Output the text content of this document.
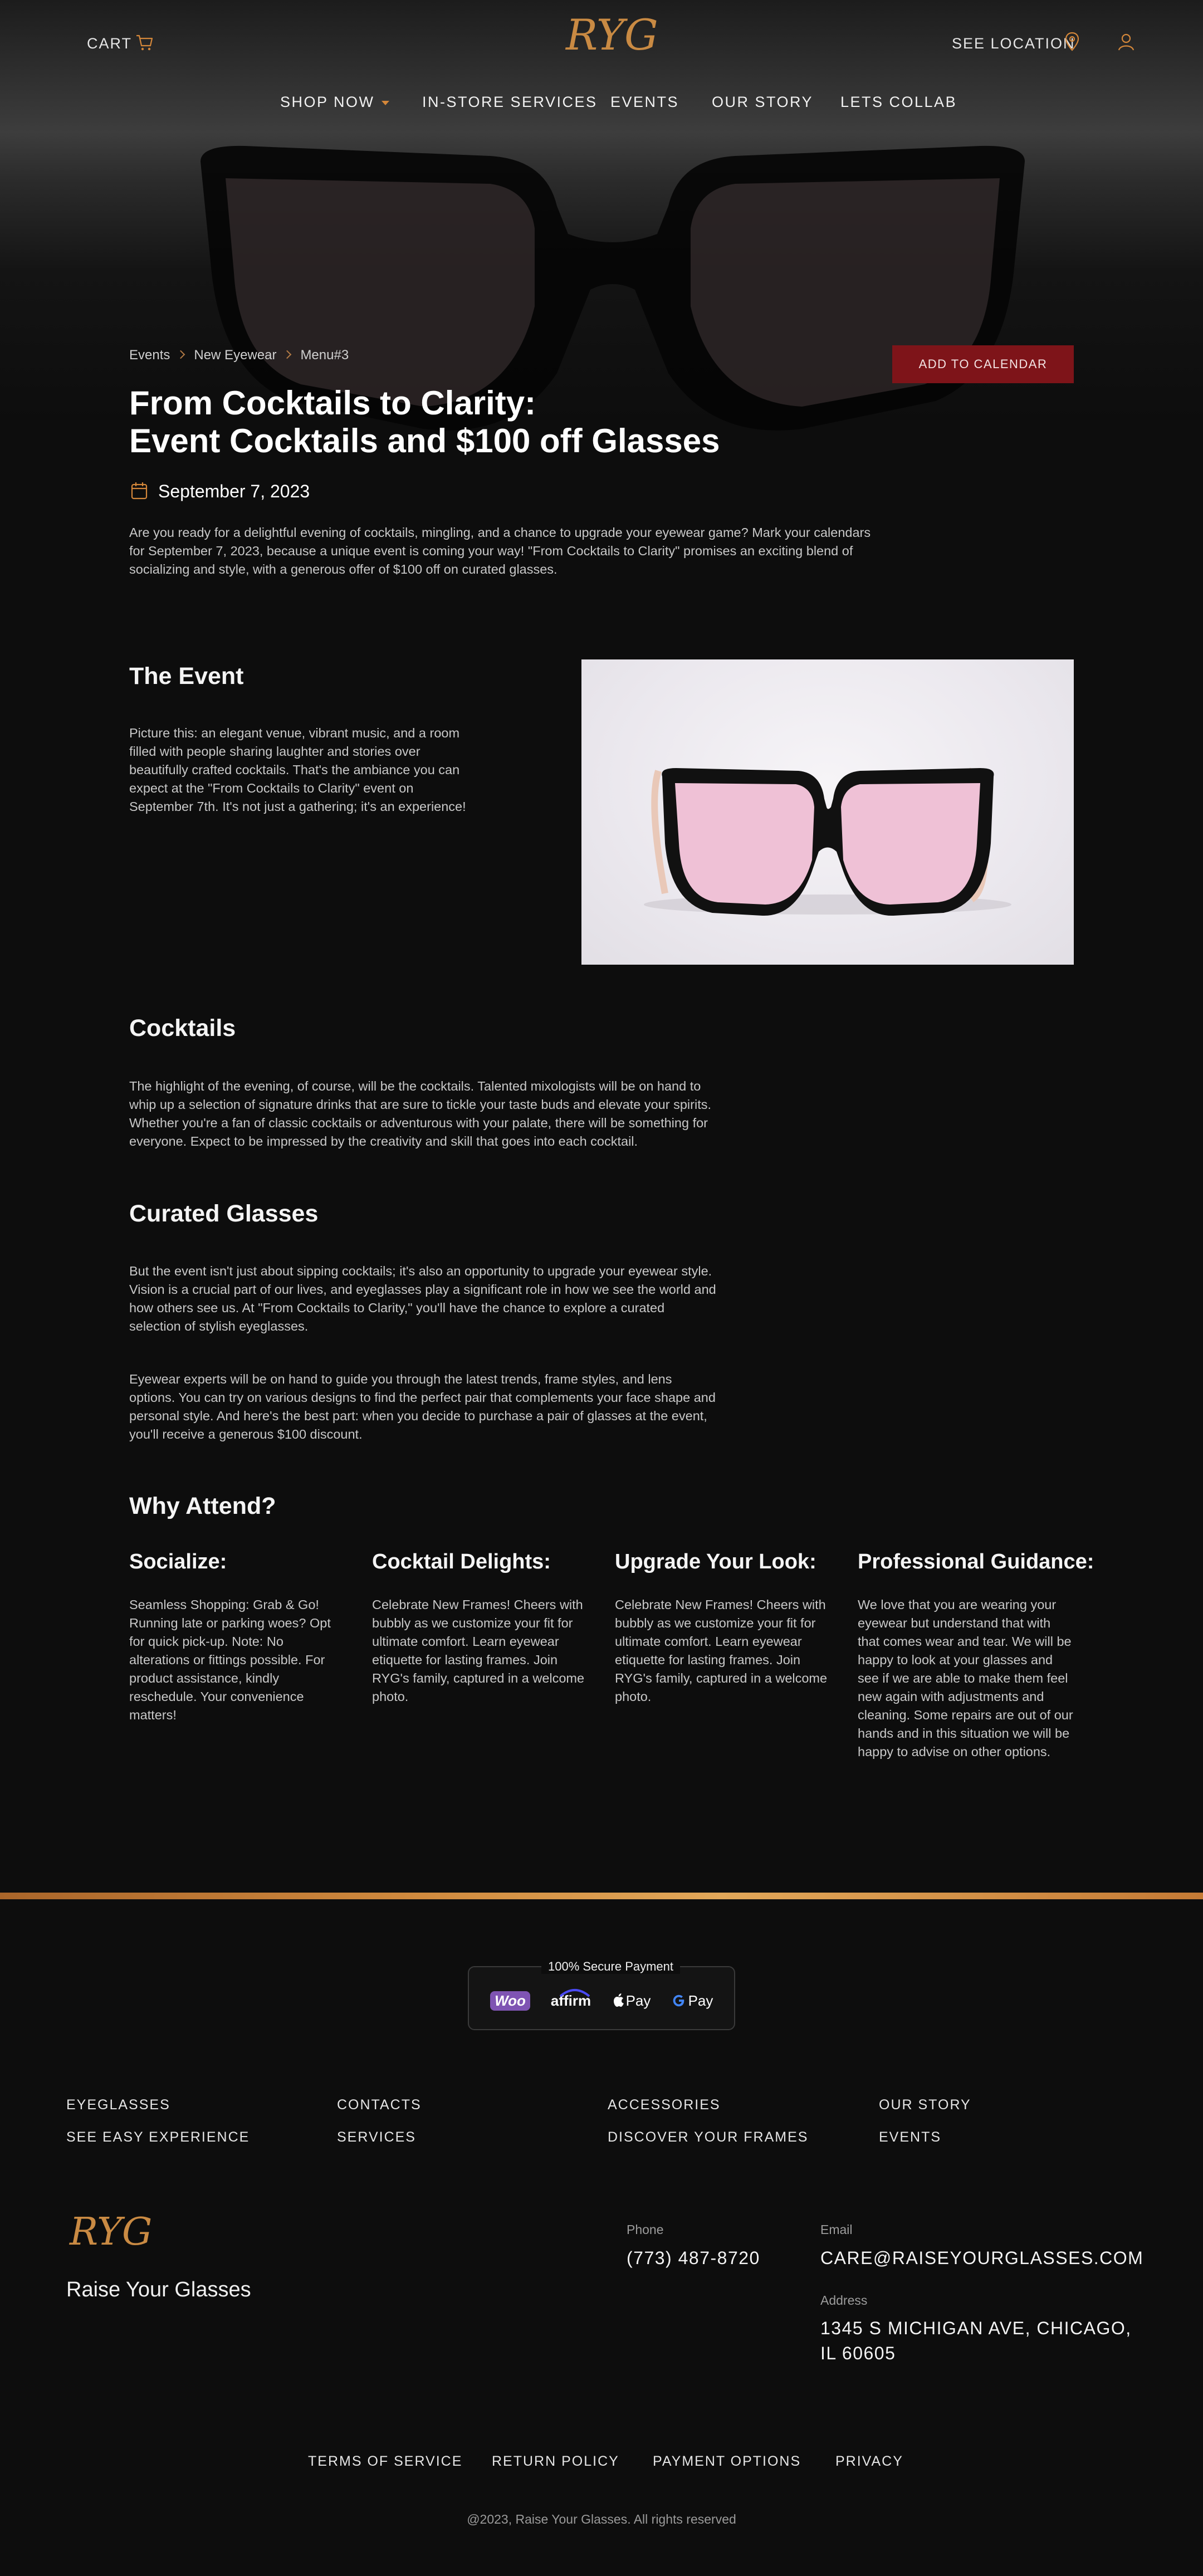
CART	RYG	SEE LOCATION
SHOP NOW	IN-STORE SERVICES EVENTS OUR STORY LETS COLLAB
Events New Eyewear Menu#3
ADD TO CALENDAR
From Cocktails to Clarity:
Event Cocktails and $100 off Glasses
September 7, 2023

Are you ready for a delightful evening of cocktails, mingling, and a chance to upgrade your eyewear game? Mark your calendars for September 7, 2023, because a unique event is coming your way! "From Cocktails to Clarity" promises an exciting blend of socializing and style, with a generous offer of $100 off on curated glasses.

The Event

Picture this: an elegant venue, vibrant music, and a room filled with people sharing laughter and stories over beautifully crafted cocktails. That's the ambiance you can expect at the "From Cocktails to Clarity" event on September 7th. It's not just a gathering; it's an experience!

Cocktails

The highlight of the evening, of course, will be the cocktails. Talented mixologists will be on hand to whip up a selection of signature drinks that are sure to tickle your taste buds and elevate your spirits. Whether you're a fan of classic cocktails or adventurous with your palate, there will be something for everyone. Expect to be impressed by the creativity and skill that goes into each cocktail.

Curated Glasses

But the event isn't just about sipping cocktails; it's also an opportunity to upgrade your eyewear style. Vision is a crucial part of our lives, and eyeglasses play a significant role in how we see the world and how others see us. At "From Cocktails to Clarity," you'll have the chance to explore a curated selection of stylish eyeglasses.

Eyewear experts will be on hand to guide you through the latest trends, frame styles, and lens options. You can try on various designs to find the perfect pair that complements your face shape and personal style. And here's the best part: when you decide to purchase a pair of glasses at the event, you'll receive a generous $100 discount.

Why Attend?
Socialize:

Seamless Shopping: Grab & Go! Running late or parking woes? Opt for quick pick-up. Note: No alterations or fittings possible. For product assistance, kindly reschedule. Your convenience matters!

Cocktail Delights:

Celebrate New Frames! Cheers with bubbly as we customize your fit for ultimate comfort. Learn eyewear etiquette for lasting frames. Join RYG's family, captured in a welcome photo.

Upgrade Your Look:

Celebrate New Frames! Cheers with bubbly as we customize your fit for ultimate comfort. Learn eyewear etiquette for lasting frames. Join RYG's family, captured in a welcome photo.

Professional Guidance:

We love that you are wearing your eyewear but understand that with that comes wear and tear. We will be happy to look at your glasses and see if we are able to make them feel new again with adjustments and cleaning. Some repairs are out of our hands and in this situation we will be happy to advise on other options.

100% Secure Payment
Woo	affirm Pay	Pay
EYEGLASSES	CONTACTS	ACCESSORIES	OUR STORY
SEE EASY EXPERIENCE	SERVICES	DISCOVER YOUR FRAMES	EVENTS
RYG
Raise Your Glasses
Phone
(773) 487-8720
Email
CARE@RAISEYOURGLASSES.COM
Address
1345 S MICHIGAN AVE, CHICAGO,
IL 60605
TERMS OF SERVICE RETURN POLICY PAYMENT OPTIONS PRIVACY
@2023, Raise Your Glasses. All rights reserved
